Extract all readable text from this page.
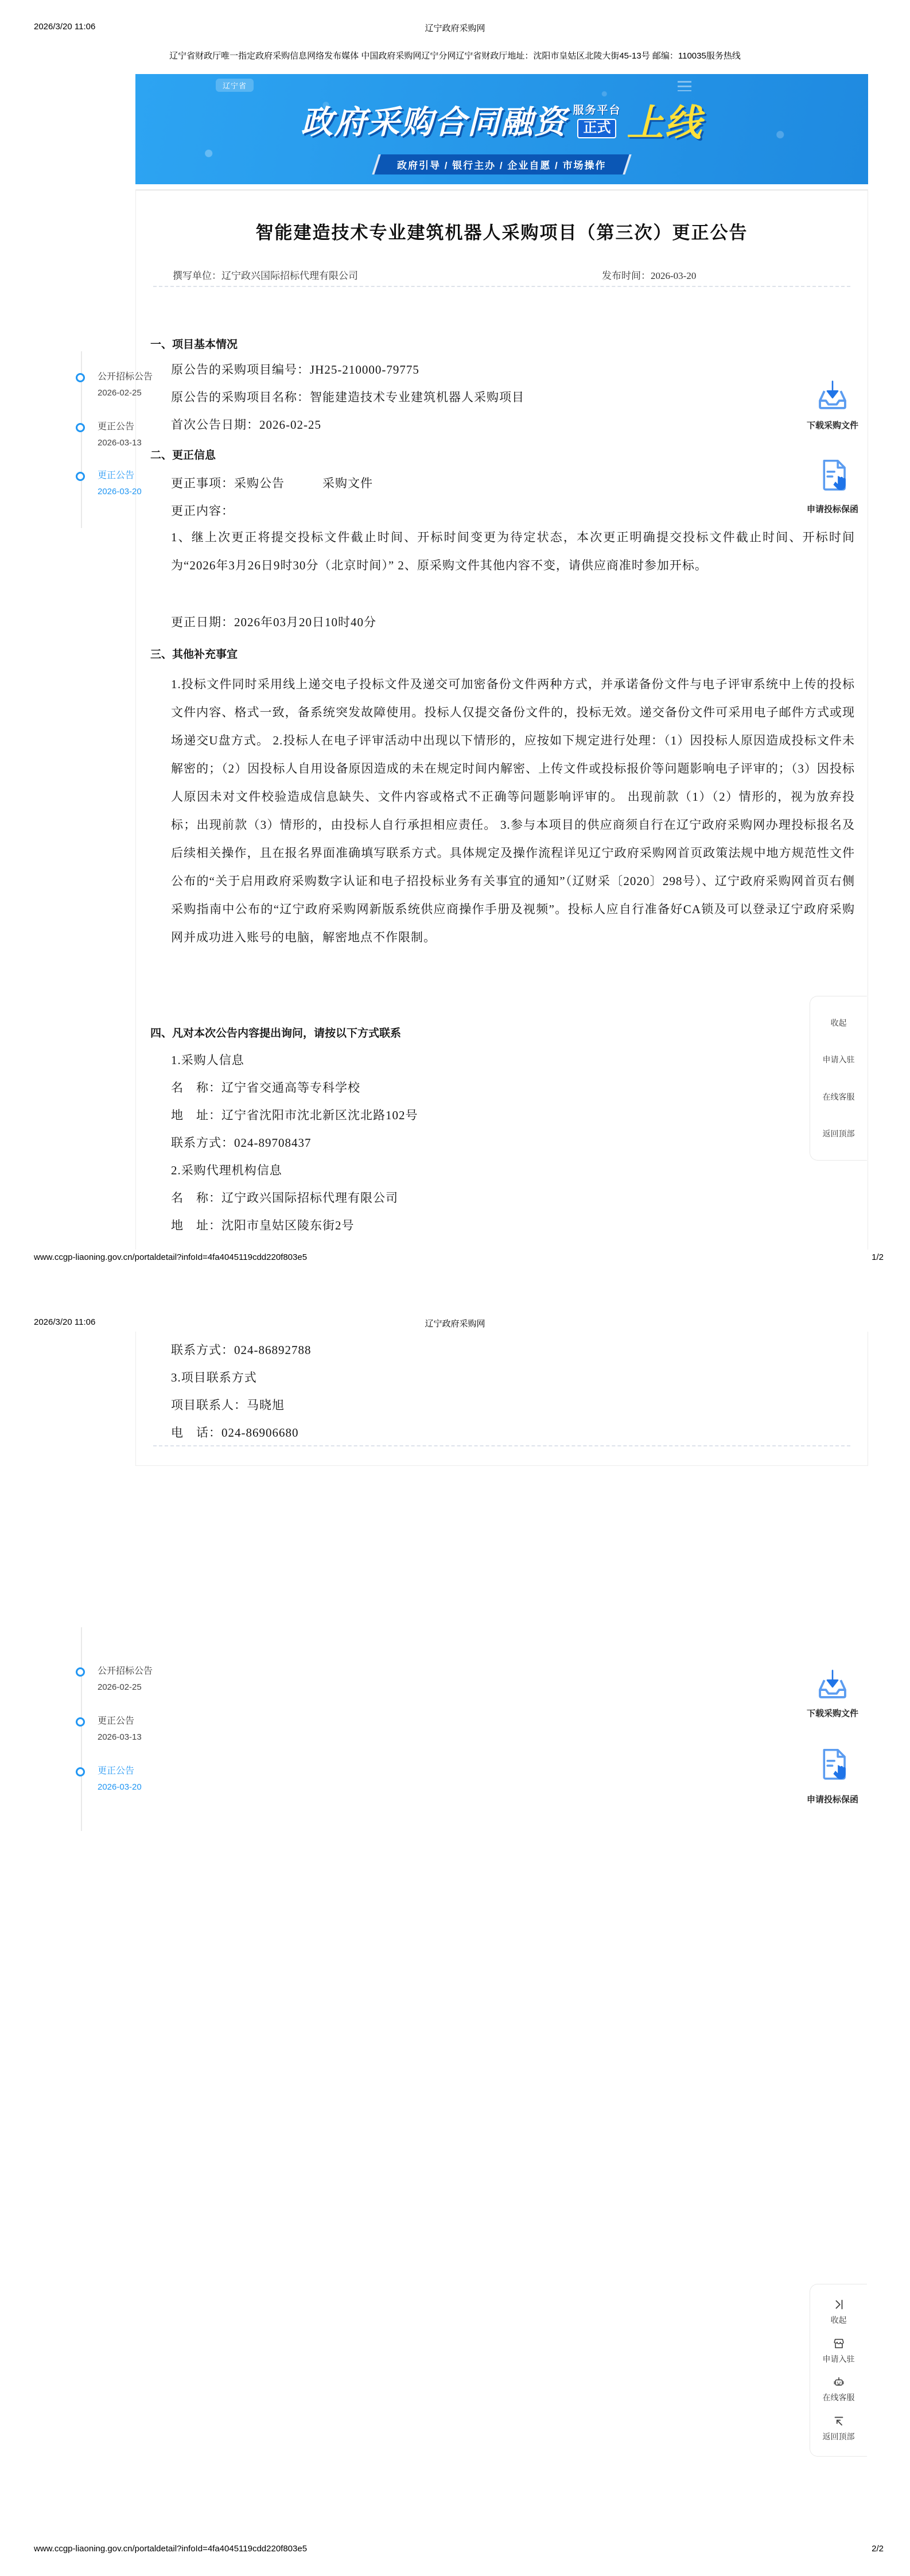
2026/3/20 11:06	辽宁政府采购网
辽宁省财政厅唯一指定政府采购信息网络发布媒体 中国政府采购网辽宁分网辽宁省财政厅地址：沈阳市皇姑区北陵大街45-13号 邮编：110035服务热线
辽宁省
政府采购合同融资 服务平台
正式 上线
政府引导 / 银行主办 / 企业自愿 / 市场操作
智能建造技术专业建筑机器人采购项目（第三次）更正公告
撰写单位：辽宁政兴国际招标代理有限公司	发布时间：2026-03-20
公开招标公告
2026-02-25
更正公告
2026-03-13
更正公告
2026-03-20
下载采购文件
申请投标保函
一、项目基本情况
原公告的采购项目编号：JH25-210000-79775
原公告的采购项目名称：智能建造技术专业建筑机器人采购项目
首次公告日期：2026-02-25
二、更正信息
更正事项：采购公告　　　采购文件
更正内容：
1、继上次更正将提交投标文件截止时间、开标时间变更为待定状态，本次更正明确提交投标文件截止时间、开标时间为“2026年3月26日9时30分（北京时间）” 2、原采购文件其他内容不变，请供应商准时参加开标。
更正日期：2026年03月20日10时40分
三、其他补充事宜
1.投标文件同时采用线上递交电子投标文件及递交可加密备份文件两种方式，并承诺备份文件与电子评审系统中上传的投标文件内容、格式一致，备系统突发故障使用。投标人仅提交备份文件的，投标无效。递交备份文件可采用电子邮件方式或现场递交U盘方式。 2.投标人在电子评审活动中出现以下情形的，应按如下规定进行处理：（1）因投标人原因造成投标文件未解密的；（2）因投标人自用设备原因造成的未在规定时间内解密、上传文件或投标报价等问题影响电子评审的；（3）因投标人原因未对文件校验造成信息缺失、文件内容或格式不正确等问题影响评审的。 出现前款（1）（2）情形的，视为放弃投标；出现前款（3）情形的，由投标人自行承担相应责任。 3.参与本项目的供应商须自行在辽宁政府采购网办理投标报名及后续相关操作，且在报名界面准确填写联系方式。具体规定及操作流程详见辽宁政府采购网首页政策法规中地方规范性文件公布的“关于启用政府采购数字认证和电子招投标业务有关事宜的通知”（辽财采〔2020〕298号）、辽宁政府采购网首页右侧采购指南中公布的“辽宁政府采购网新版系统供应商操作手册及视频”。投标人应自行准备好CA锁及可以登录辽宁政府采购网并成功进入账号的电脑，解密地点不作限制。
四、凡对本次公告内容提出询问，请按以下方式联系
1.采购人信息
名　称：辽宁省交通高等专科学校
地　址：辽宁省沈阳市沈北新区沈北路102号
联系方式：024-89708437
2.采购代理机构信息
名　称：辽宁政兴国际招标代理有限公司
地　址：沈阳市皇姑区陵东街2号
收起
申请入驻
在线客服
返回顶部
www.ccgp-liaoning.gov.cn/portaldetail?infoId=4fa4045119cdd220f803e5	1/2
2026/3/20 11:06	辽宁政府采购网
联系方式：024-86892788
3.项目联系方式
项目联系人：马晓旭
电　话：024-86906680
公开招标公告
2026-02-25
更正公告
2026-03-13
更正公告
2026-03-20
下载采购文件
申请投标保函
收起
申请入驻
在线客服
返回顶部
www.ccgp-liaoning.gov.cn/portaldetail?infoId=4fa4045119cdd220f803e5	2/2
